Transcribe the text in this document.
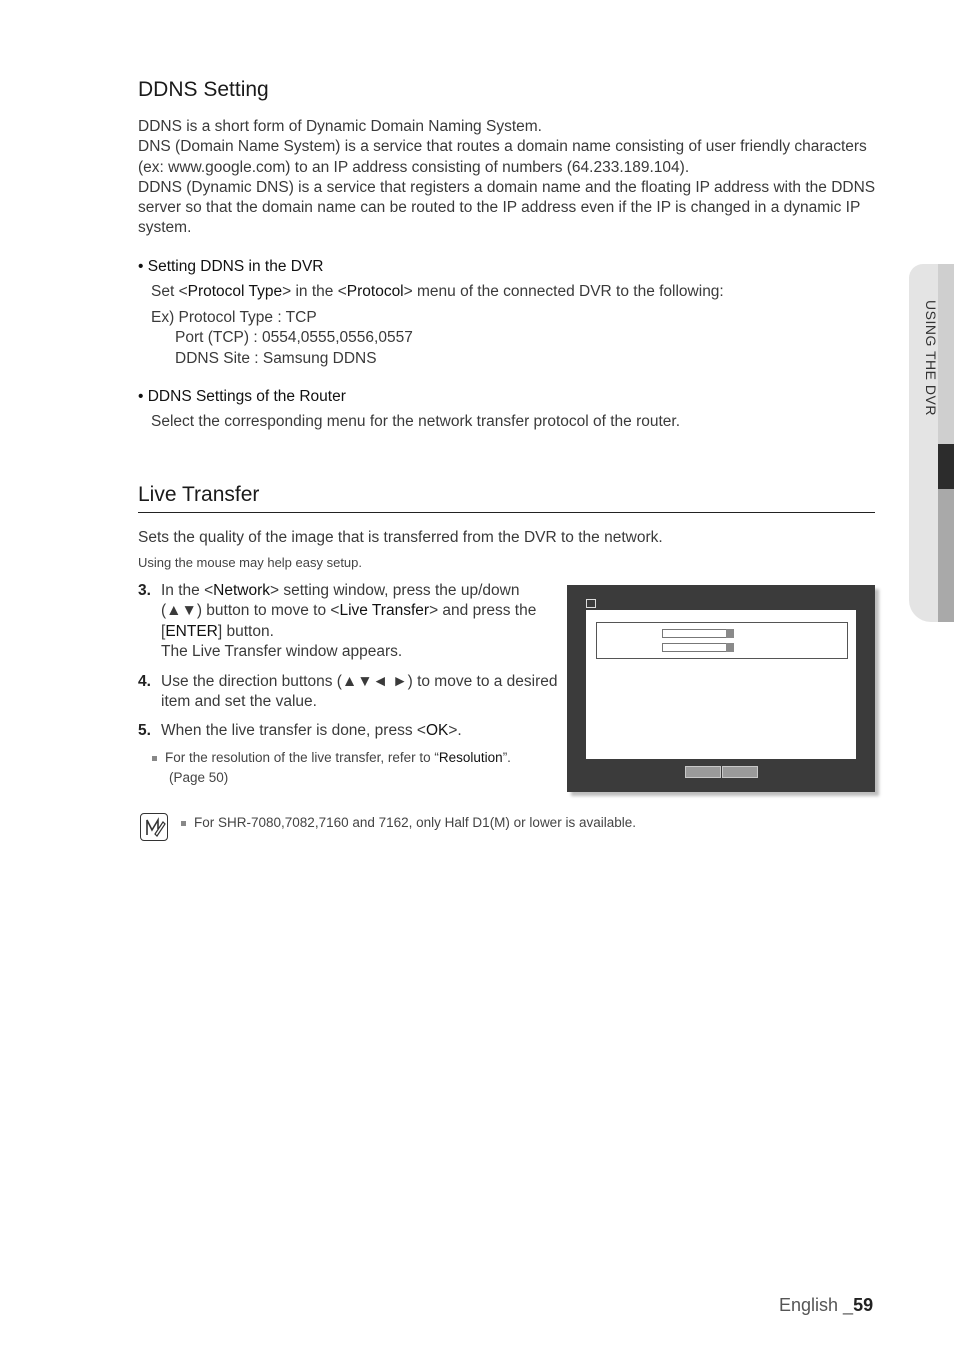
USING THE DVR
DDNS Setting
DDNS is a short form of Dynamic Domain Naming System.
DNS (Domain Name System) is a service that routes a domain name consisting of user friendly characters
(ex: www.google.com) to an IP address consisting of numbers (64.233.189.104).
DDNS (Dynamic DNS) is a service that registers a domain name and the floating IP address with the DDNS
server so that the domain name can be routed to the IP address even if the IP is changed in a dynamic IP
system.
• Setting DDNS in the DVR
Set <Protocol Type> in the <Protocol> menu of the connected DVR to the following:
Ex) Protocol Type : TCP
Port (TCP) : 0554,0555,0556,0557
DDNS Site : Samsung DDNS
• DDNS Settings of the Router
Select the corresponding menu for the network transfer protocol of the router.
Live Transfer
Sets the quality of the image that is transferred from the DVR to the network.
Using the mouse may help easy setup.
3. In the <Network> setting window, press the up/down
(▲▼) button to move to <Live Transfer> and press the
[ENTER] button.
The Live Transfer window appears.
4. Use the direction buttons (▲▼◄ ►) to move to a desired
item and set the value.
5. When the live transfer is done, press <OK>.
For the resolution of the live transfer, refer to “Resolution”.
(Page 50)
For SHR-7080,7082,7160 and 7162, only Half D1(M) or lower is available.
English _59
